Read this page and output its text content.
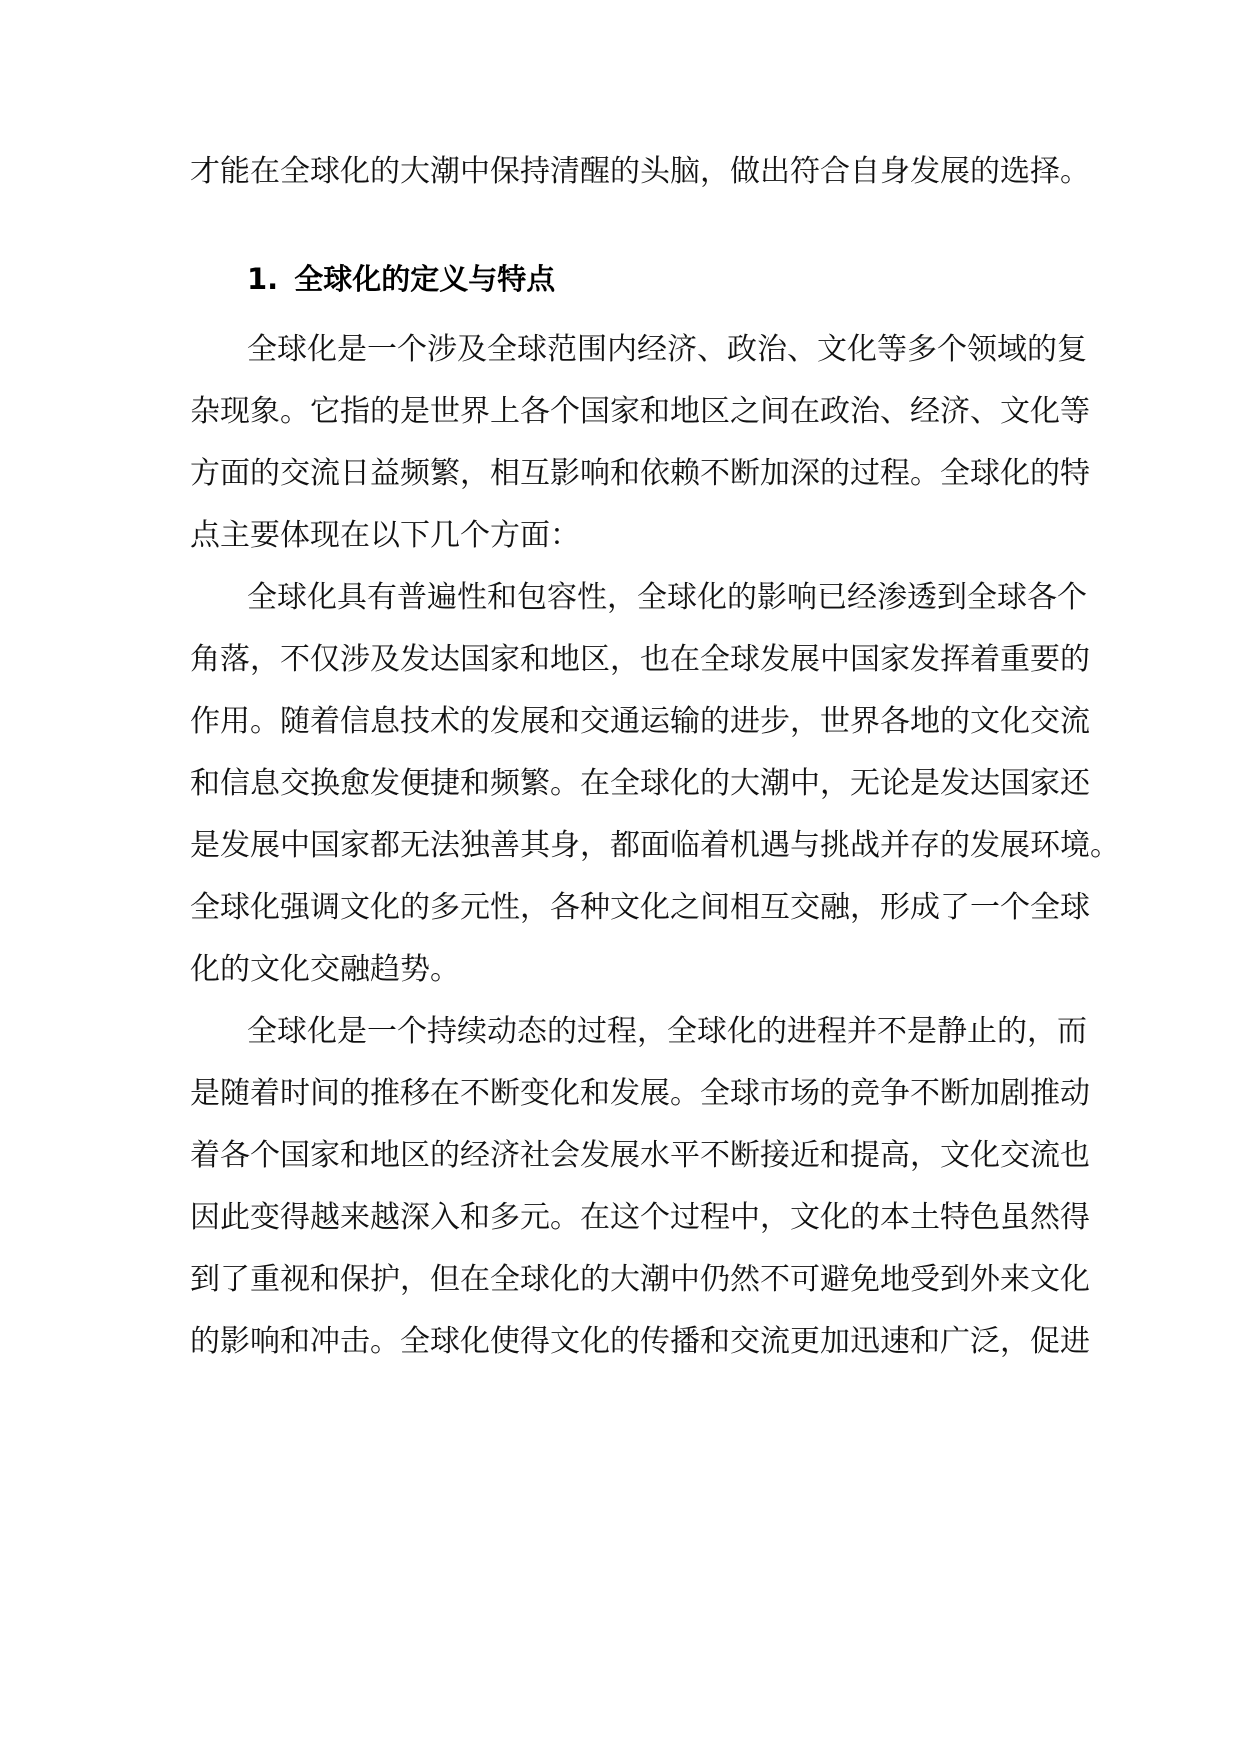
才能在全球化的大潮中保持清醒的头脑，做出符合自身发展的选择。
1. 全球化的定义与特点
全球化是一个涉及全球范围内经济、政治、文化等多个领域的复
杂现象。它指的是世界上各个国家和地区之间在政治、经济、文化等
方面的交流日益频繁，相互影响和依赖不断加深的过程。全球化的特
点主要体现在以下几个方面：
全球化具有普遍性和包容性，全球化的影响已经渗透到全球各个
角落，不仅涉及发达国家和地区，也在全球发展中国家发挥着重要的
作用。随着信息技术的发展和交通运输的进步，世界各地的文化交流
和信息交换愈发便捷和频繁。在全球化的大潮中，无论是发达国家还
是发展中国家都无法独善其身，都面临着机遇与挑战并存的发展环境。
全球化强调文化的多元性，各种文化之间相互交融，形成了一个全球
化的文化交融趋势。
全球化是一个持续动态的过程，全球化的进程并不是静止的，而
是随着时间的推移在不断变化和发展。全球市场的竞争不断加剧推动
着各个国家和地区的经济社会发展水平不断接近和提高，文化交流也
因此变得越来越深入和多元。在这个过程中，文化的本土特色虽然得
到了重视和保护，但在全球化的大潮中仍然不可避免地受到外来文化
的影响和冲击。全球化使得文化的传播和交流更加迅速和广泛，促进
